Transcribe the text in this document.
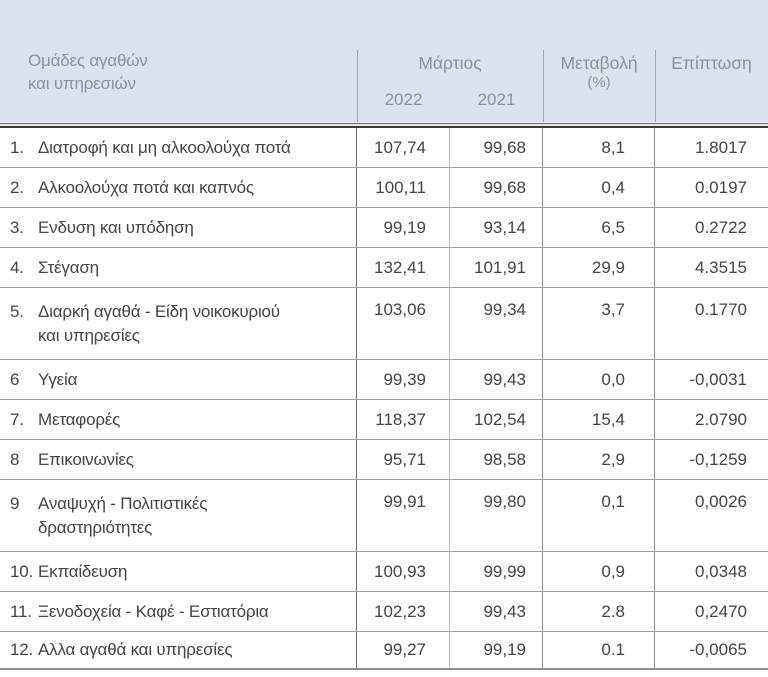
Ομάδες αγαθών
και υπηρεσιών
Μάρτιος
2022	2021
Μεταβολή
(%)
Επίπτωση
1. Διατροφή και μη αλκοολούχα ποτά	107,74	99,68	8,1	1.8017
2. Αλκοολούχα ποτά και καπνός	100,11	99,68	0,4	0.0197
3. Ενδυση και υπόδηση	99,19	93,14	6,5	0.2722
4. Στέγαση	132,41	101,91	29,9	4.3515
5. Διαρκή αγαθά - Είδη νοικοκυριού
και υπηρεσίες
103,06	99,34	3,7	0.1770
6	Υγεία	99,39	99,43	0,0	-0,0031
7. Μεταφορές	118,37	102,54	15,4	2.0790
8	Επικοινωνίες	95,71	98,58	2,9	-0,1259
9	Αναψυχή - Πολιτιστικές
δραστηριότητες
99,91	99,80	0,1	0,0026
10. Εκπαίδευση	100,93	99,99	0,9	0,0348
11. Ξενοδοχεία - Καφέ - Εστιατόρια	102,23	99,43	2.8	0,2470
12. Αλλα αγαθά και υπηρεσίες	99,27	99,19	0.1	-0,0065
